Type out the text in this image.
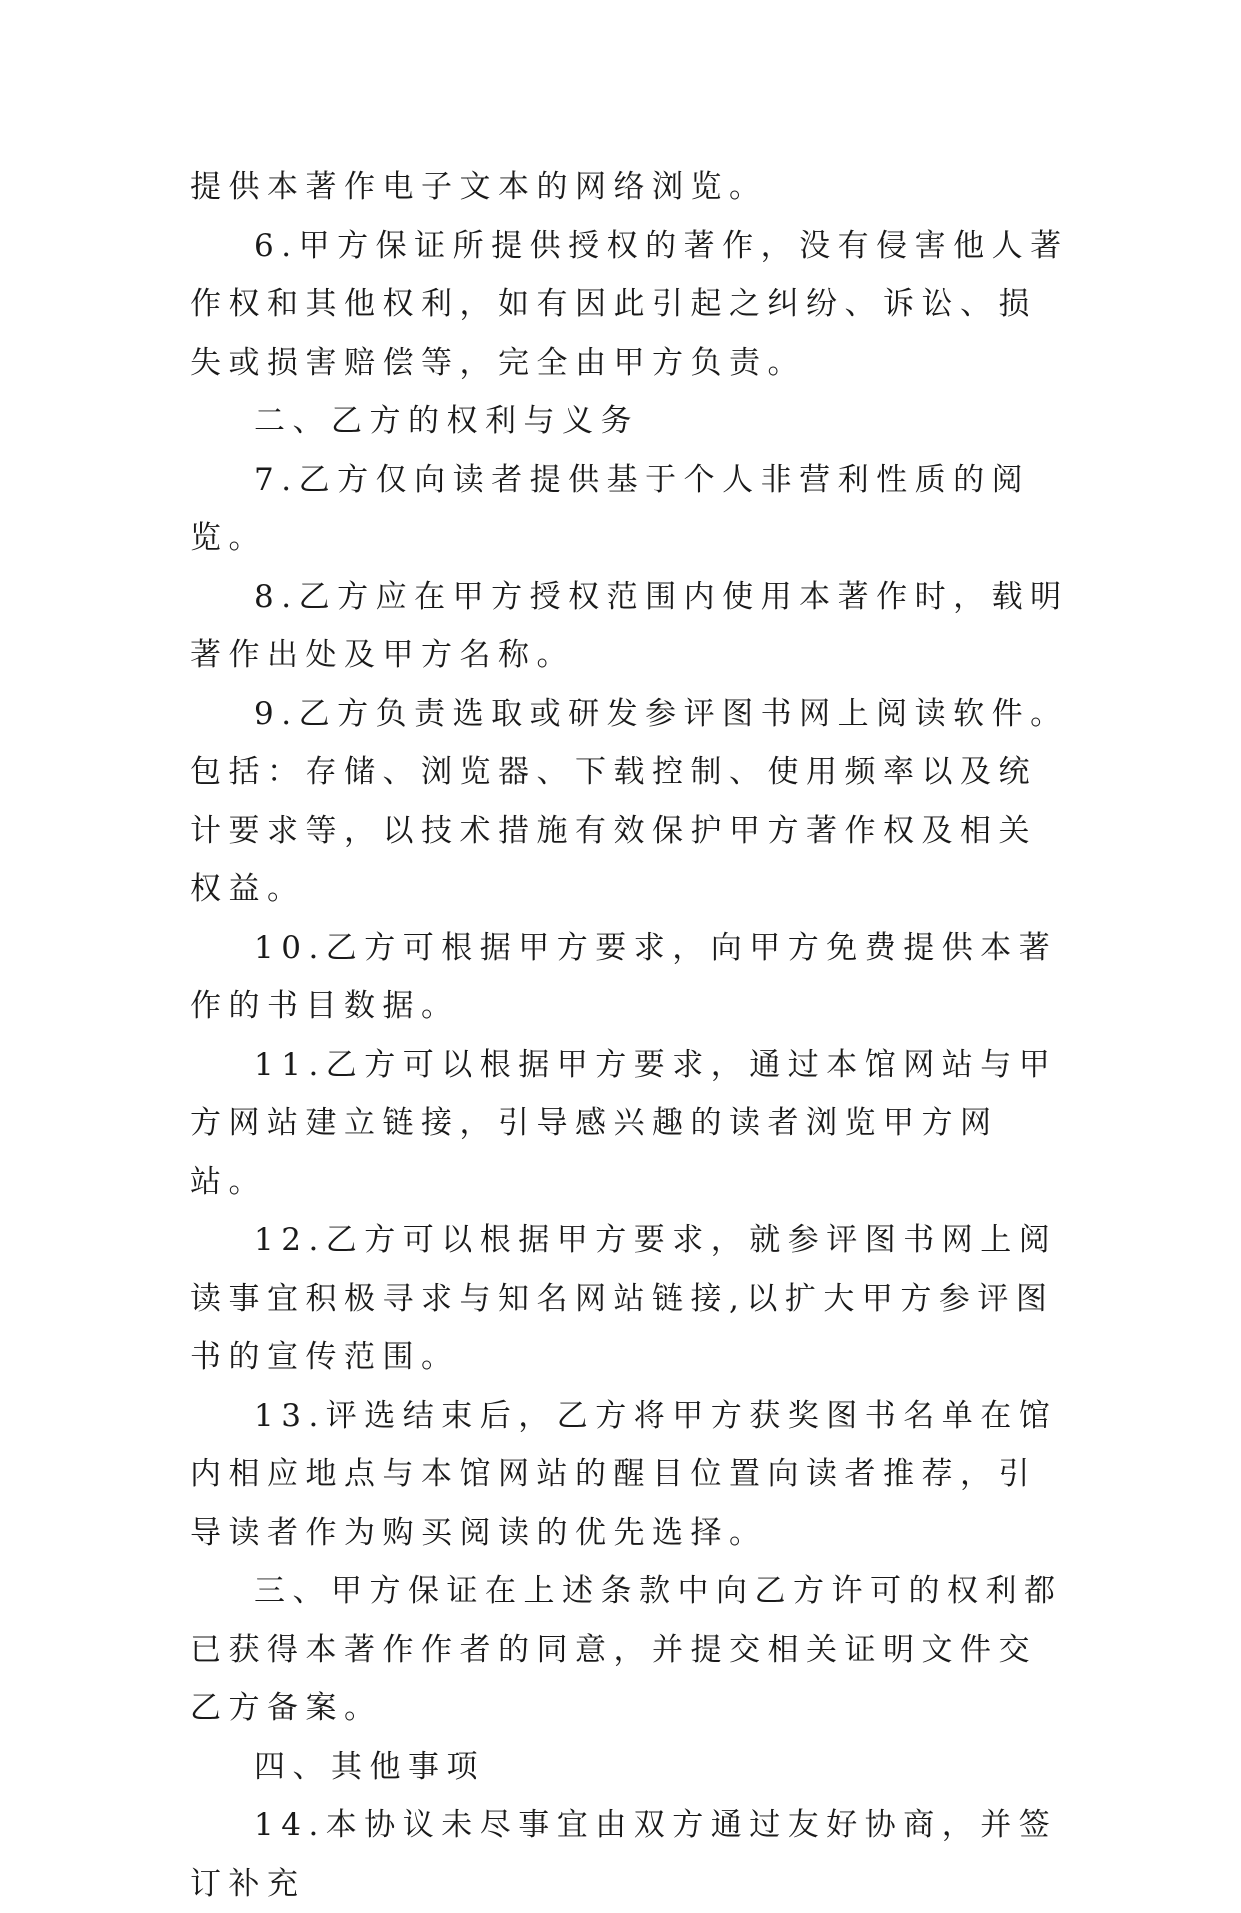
提供本著作电子文本的网络浏览。

6.甲方保证所提供授权的著作，没有侵害他人著作权和其他权利，如有因此引起之纠纷、诉讼、损失或损害赔偿等，完全由甲方负责。

二、乙方的权利与义务

7.乙方仅向读者提供基于个人非营利性质的阅览。

8.乙方应在甲方授权范围内使用本著作时，载明著作出处及甲方名称。

9.乙方负责选取或研发参评图书网上阅读软件。包括：存储、浏览器、下载控制、使用频率以及统计要求等，以技术措施有效保护甲方著作权及相关权益。

10.乙方可根据甲方要求，向甲方免费提供本著作的书目数据。

11.乙方可以根据甲方要求，通过本馆网站与甲方网站建立链接，引导感兴趣的读者浏览甲方网站。

12.乙方可以根据甲方要求，就参评图书网上阅读事宜积极寻求与知名网站链接,以扩大甲方参评图书的宣传范围。

13.评选结束后，乙方将甲方获奖图书名单在馆内相应地点与本馆网站的醒目位置向读者推荐，引导读者作为购买阅读的优先选择。

三、甲方保证在上述条款中向乙方许可的权利都已获得本著作作者的同意，并提交相关证明文件交乙方备案。

四、其他事项

14.本协议未尽事宜由双方通过友好协商，并签订补充
